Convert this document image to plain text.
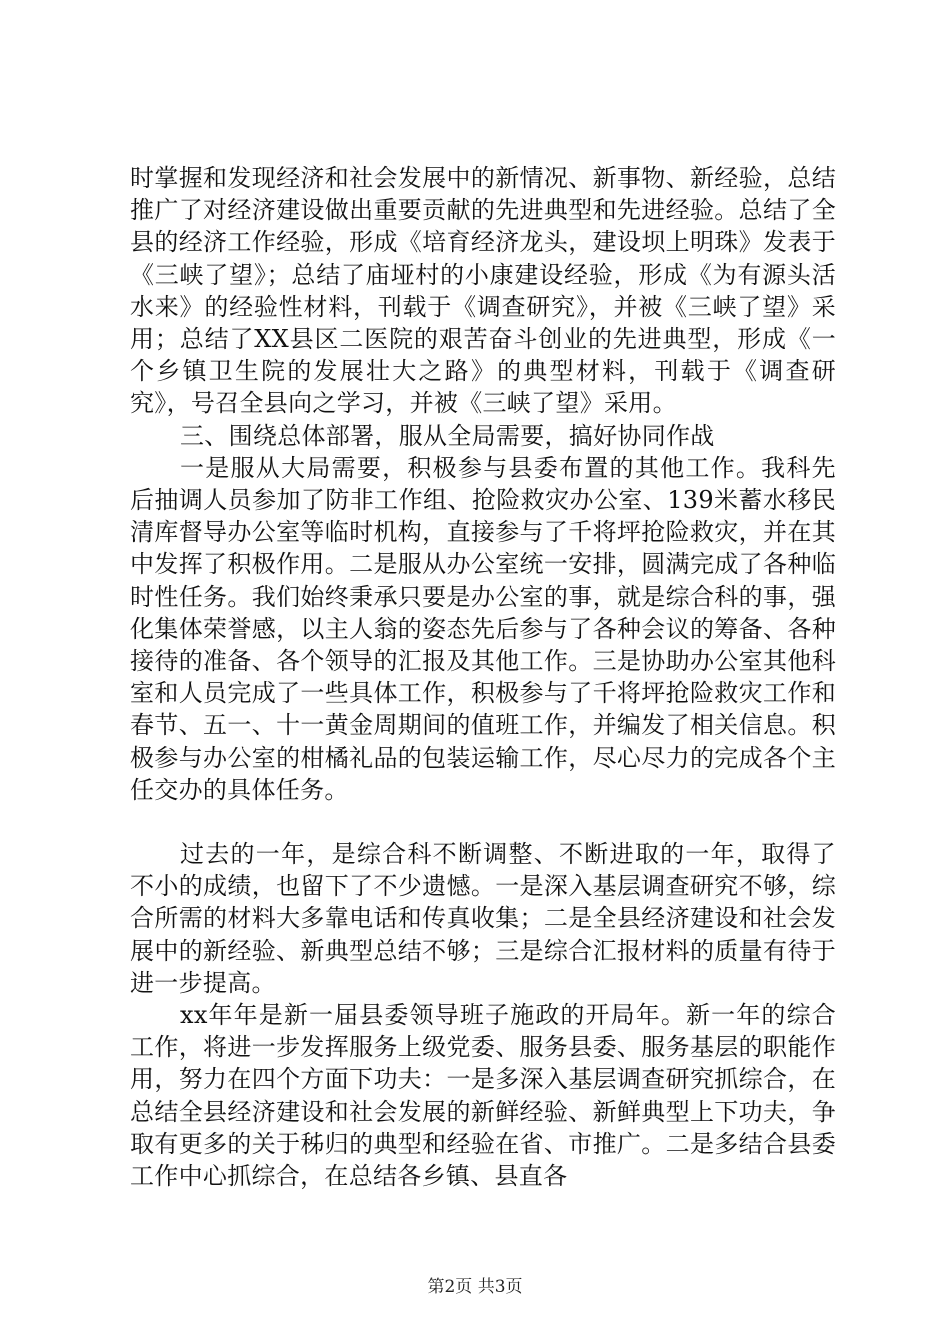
时掌握和发现经济和社会发展中的新情况、新事物、新经验，总结推广了对经济建设做出重要贡献的先进典型和先进经验。总结了全县的经济工作经验，形成《培育经济龙头，建设坝上明珠》发表于《三峡了望》；总结了庙垭村的小康建设经验，形成《为有源头活水来》的经验性材料，刊载于《调查研究》，并被《三峡了望》采用；总结了XX县区二医院的艰苦奋斗创业的先进典型，形成《一个乡镇卫生院的发展壮大之路》的典型材料，刊载于《调查研究》，号召全县向之学习，并被《三峡了望》采用。

三、围绕总体部署，服从全局需要，搞好协同作战

一是服从大局需要，积极参与县委布置的其他工作。我科先后抽调人员参加了防非工作组、抢险救灾办公室、139米蓄水移民清库督导办公室等临时机构，直接参与了千将坪抢险救灾，并在其中发挥了积极作用。二是服从办公室统一安排，圆满完成了各种临时性任务。我们始终秉承只要是办公室的事，就是综合科的事，强化集体荣誉感，以主人翁的姿态先后参与了各种会议的筹备、各种接待的准备、各个领导的汇报及其他工作。三是协助办公室其他科室和人员完成了一些具体工作，积极参与了千将坪抢险救灾工作和春节、五一、十一黄金周期间的值班工作，并编发了相关信息。积极参与办公室的柑橘礼品的包装运输工作，尽心尽力的完成各个主任交办的具体任务。

过去的一年，是综合科不断调整、不断进取的一年，取得了不小的成绩，也留下了不少遗憾。一是深入基层调查研究不够，综合所需的材料大多靠电话和传真收集；二是全县经济建设和社会发展中的新经验、新典型总结不够；三是综合汇报材料的质量有待于进一步提高。

xx年年是新一届县委领导班子施政的开局年。新一年的综合工作，将进一步发挥服务上级党委、服务县委、服务基层的职能作用，努力在四个方面下功夫：一是多深入基层调查研究抓综合，在总结全县经济建设和社会发展的新鲜经验、新鲜典型上下功夫，争取有更多的关于秭归的典型和经验在省、市推广。二是多结合县委工作中心抓综合，在总结各乡镇、县直各

第2页 共3页
